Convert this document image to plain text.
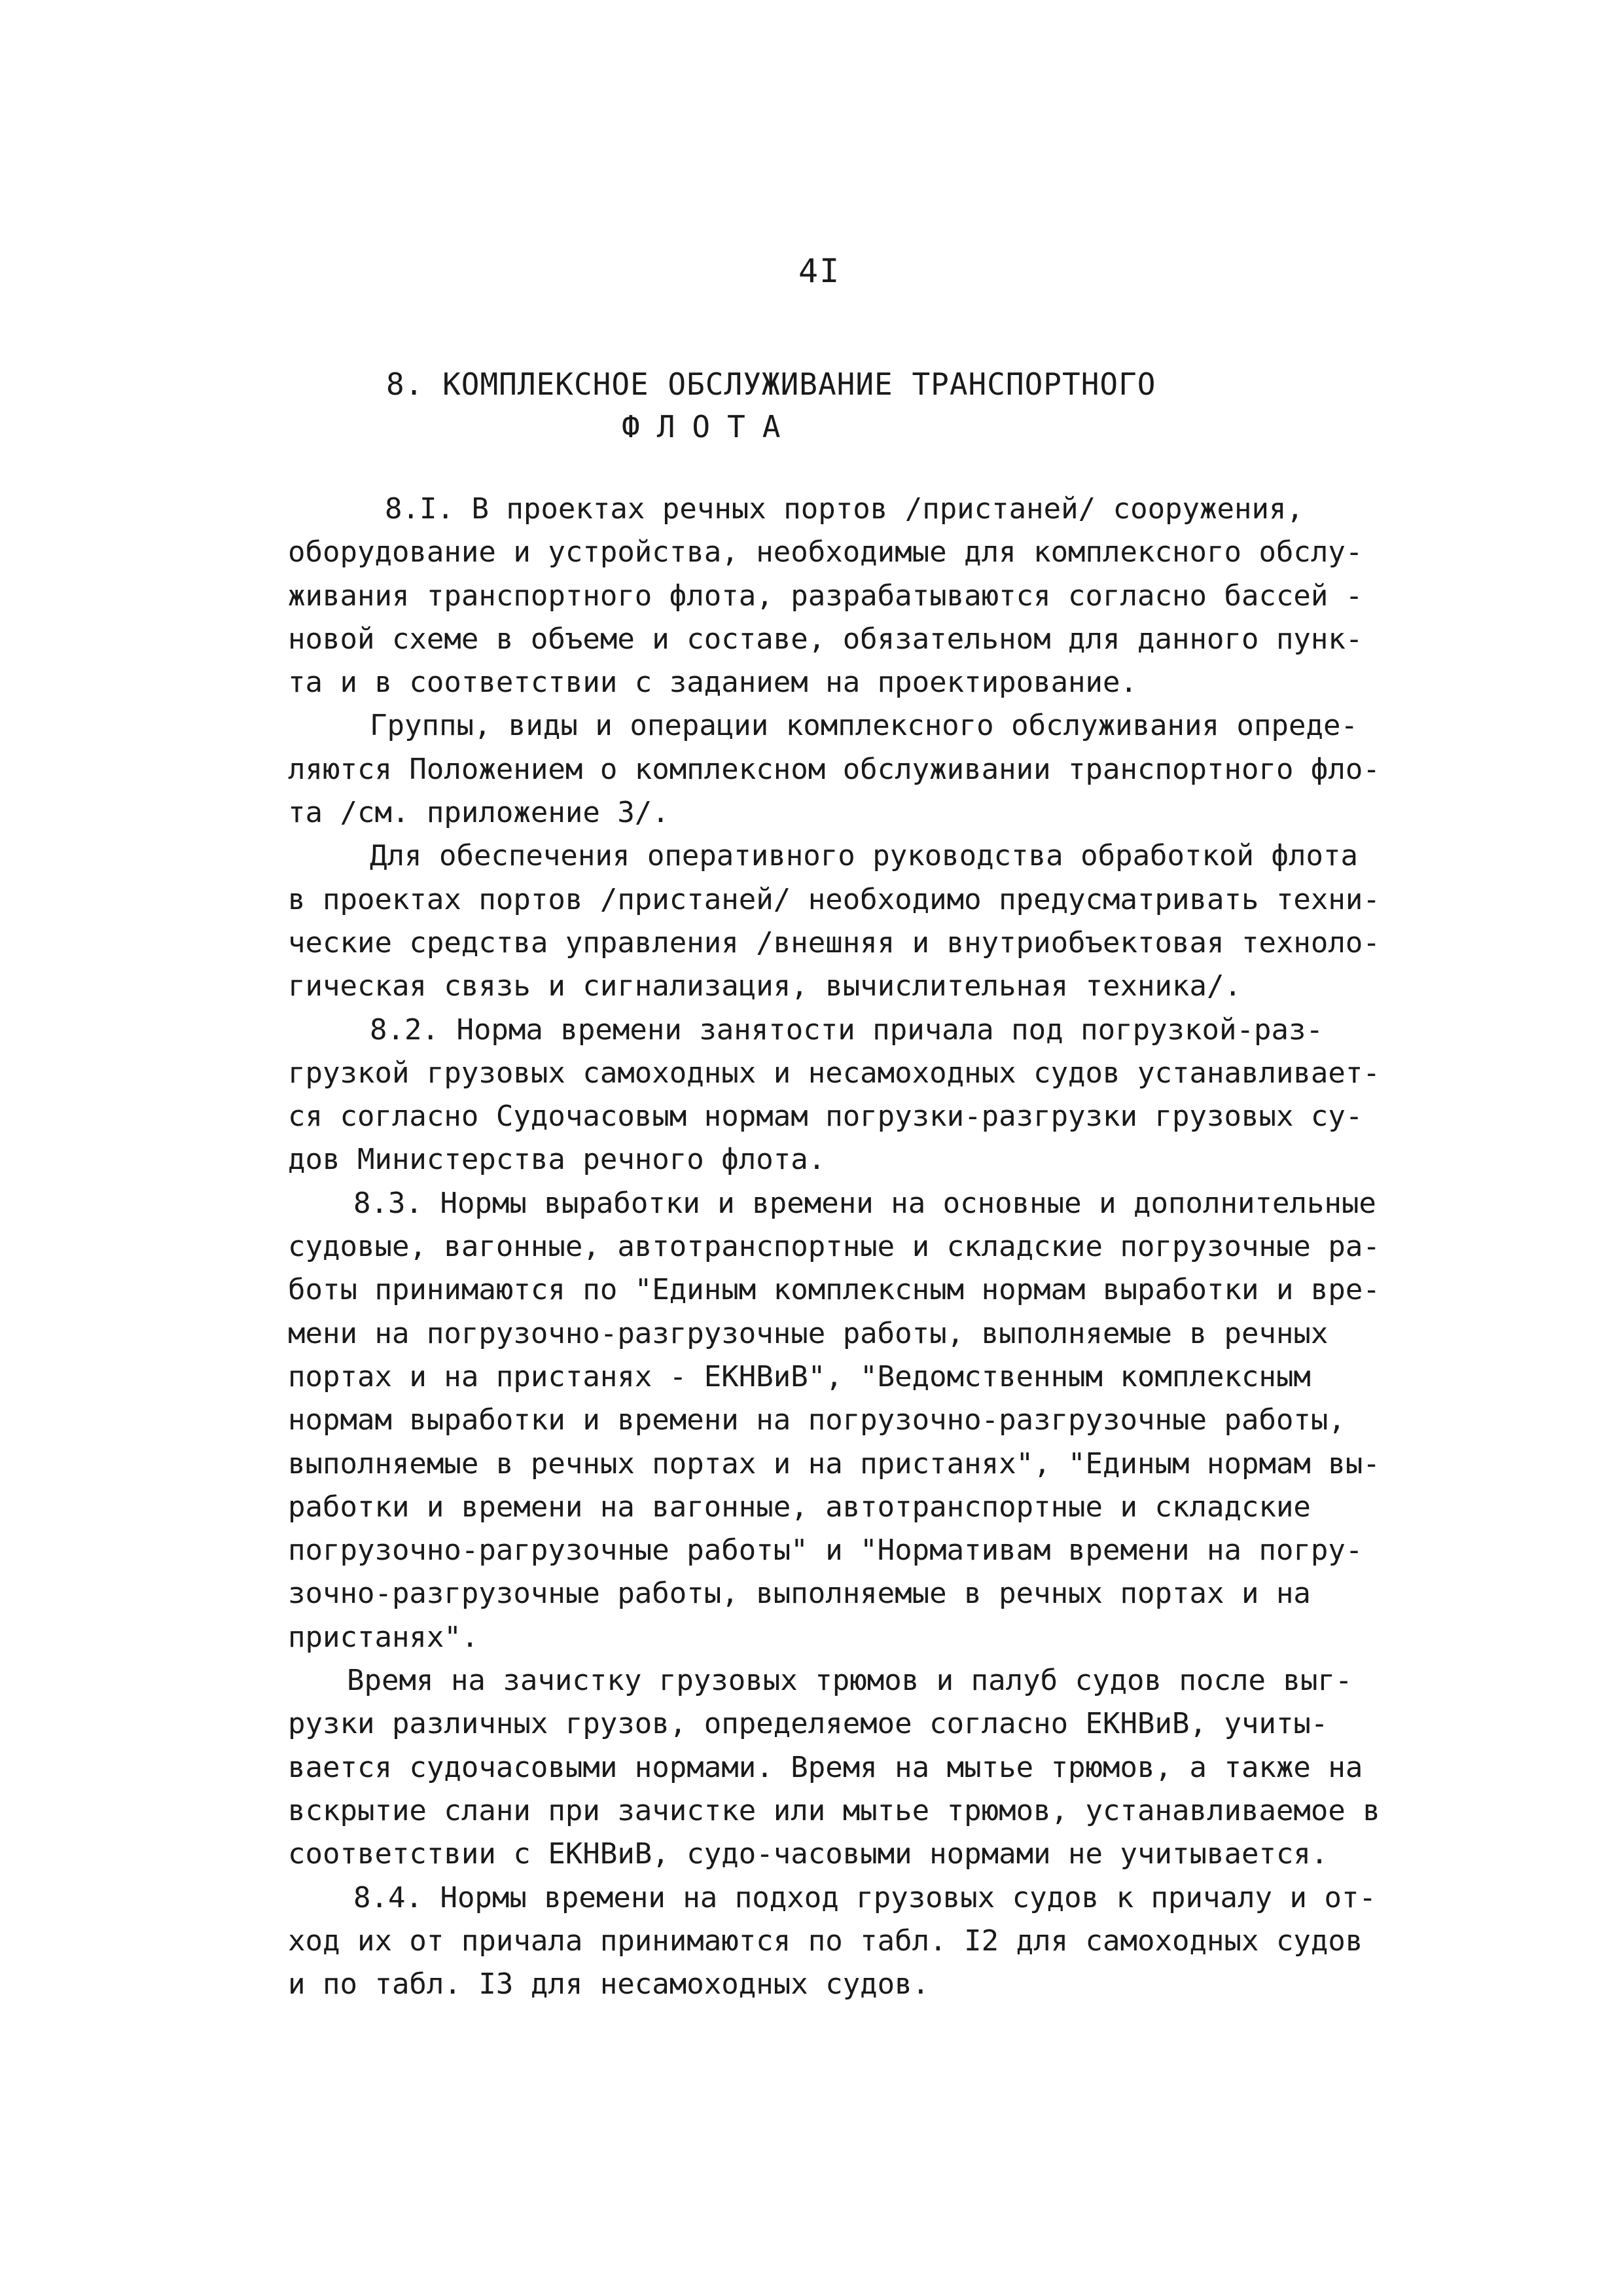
4I
8. КОМПЛЕКСНОЕ ОБСЛУЖИВАНИЕ ТРАНСПОРТНОГО
ФЛОТА
8.I. В проектах речных портов /пристаней/ сооружения,
оборудование и устройства, необходимые для комплексного обслу-
живания транспортного флота, разрабатываются согласно бассей -
новой схеме в объеме и составе, обязательном для данного пунк-
та и в соответствии с заданием на проектирование.
Группы, виды и операции комплексного обслуживания опреде-
ляются Положением о комплексном обслуживании транспортного фло-
та /см. приложение 3/.
Для обеспечения оперативного руководства обработкой флота
в проектах портов /пристаней/ необходимо предусматривать техни-
ческие средства управления /внешняя и внутриобъектовая техноло-
гическая связь и сигнализация, вычислительная техника/.
8.2. Норма времени занятости причала под погрузкой-раз-
грузкой грузовых самоходных и несамоходных судов устанавливает-
ся согласно Судочасовым нормам погрузки-разгрузки грузовых су-
дов Министерства речного флота.
8.3. Нормы выработки и времени на основные и дополнительные
судовые, вагонные, автотранспортные и складские погрузочные ра-
боты принимаются по "Единым комплексным нормам выработки и вре-
мени на погрузочно-разгрузочные работы, выполняемые в речных
портах и на пристанях - ЕКНВиВ", "Ведомственным комплексным
нормам выработки и времени на погрузочно-разгрузочные работы,
выполняемые в речных портах и на пристанях", "Единым нормам вы-
работки и времени на вагонные, автотранспортные и складские
погрузочно-рагрузочные работы" и "Нормативам времени на погру-
зочно-разгрузочные работы, выполняемые в речных портах и на
пристанях".
Время на зачистку грузовых трюмов и палуб судов после выг-
рузки различных грузов, определяемое согласно ЕКНВиВ, учиты-
вается судочасовыми нормами. Время на мытье трюмов, а также на
вскрытие слани при зачистке или мытье трюмов, устанавливаемое в
соответствии с ЕКНВиВ, судо-часовыми нормами не учитывается.
8.4. Нормы времени на подход грузовых судов к причалу и от-
ход их от причала принимаются по табл. I2 для самоходных судов
и по табл. I3 для несамоходных судов.
